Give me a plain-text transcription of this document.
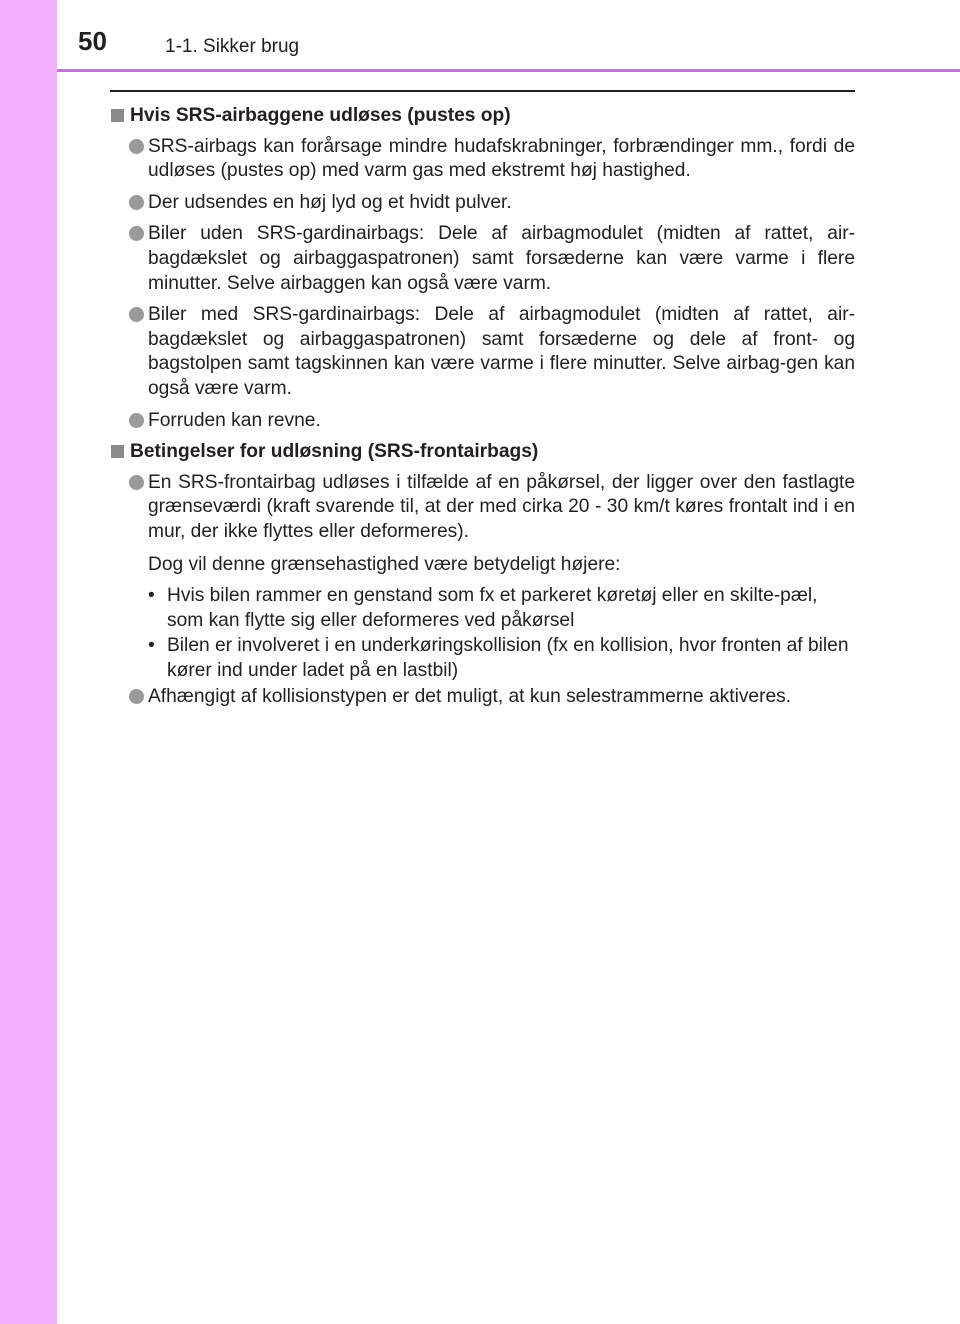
50	1-1. Sikker brug
Hvis SRS-airbaggene udløses (pustes op)
SRS-airbags kan forårsage mindre hudafskrabninger, forbrændinger mm., fordi de udløses (pustes op) med varm gas med ekstremt høj hastighed.
Der udsendes en høj lyd og et hvidt pulver.
Biler uden SRS-gardinairbags: Dele af airbagmodulet (midten af rattet, air-bagdækslet og airbaggaspatronen) samt forsæderne kan være varme i flere minutter. Selve airbaggen kan også være varm.
Biler med SRS-gardinairbags: Dele af airbagmodulet (midten af rattet, air-bagdækslet og airbaggaspatronen) samt forsæderne og dele af front- og bagstolpen samt tagskinnen kan være varme i flere minutter. Selve airbag-gen kan også være varm.
Forruden kan revne.
Betingelser for udløsning (SRS-frontairbags)
En SRS-frontairbag udløses i tilfælde af en påkørsel, der ligger over den fastlagte grænseværdi (kraft svarende til, at der med cirka 20 - 30 km/t køres frontalt ind i en mur, der ikke flyttes eller deformeres).
Dog vil denne grænsehastighed være betydeligt højere:
• Hvis bilen rammer en genstand som fx et parkeret køretøj eller en skilte-pæl, som kan flytte sig eller deformeres ved påkørsel
• Bilen er involveret i en underkøringskollision (fx en kollision, hvor fronten af bilen kører ind under ladet på en lastbil)
Afhængigt af kollisionstypen er det muligt, at kun selestrammerne aktiveres.
